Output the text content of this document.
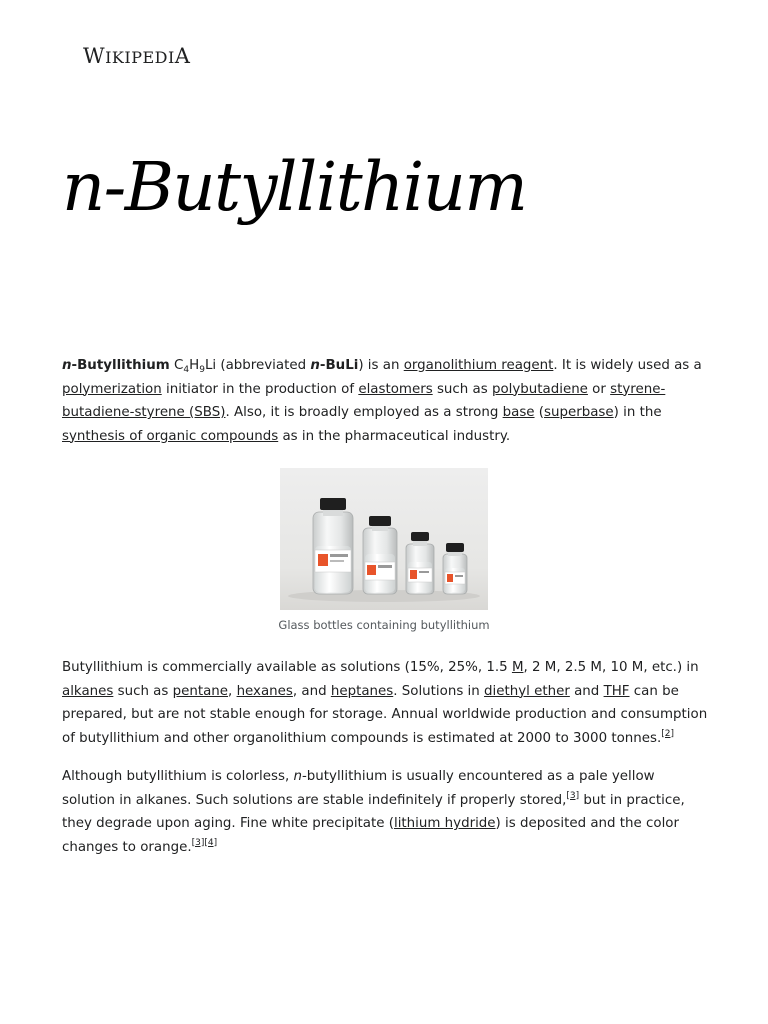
WIKIPEDIA
n-Butyllithium

n-Butyllithium $C_4H_9Li$ (abbreviated n-BuLi) is an organolithium reagent. It is widely used as a polymerization initiator in the production of elastomers such as polybutadiene or styrene-butadiene-styrene (SBS). Also, it is broadly employed as a strong base (superbase) in the synthesis of organic compounds as in the pharmaceutical industry.

Glass bottles containing butyllithium

Butyllithium is commercially available as solutions (15%, 25%, 1.5 M, 2 M, 2.5 M, 10 M, etc.) in alkanes such as pentane, hexanes, and heptanes. Solutions in diethyl ether and THF can be prepared, but are not stable enough for storage. Annual worldwide production and consumption of butyllithium and other organolithium compounds is estimated at 2000 to 3000 tonnes.[2]

Although butyllithium is colorless, n-butyllithium is usually encountered as a pale yellow solution in alkanes. Such solutions are stable indefinitely if properly stored,[3] but in practice, they degrade upon aging. Fine white precipitate (lithium hydride) is deposited and the color changes to orange.[3][4]
